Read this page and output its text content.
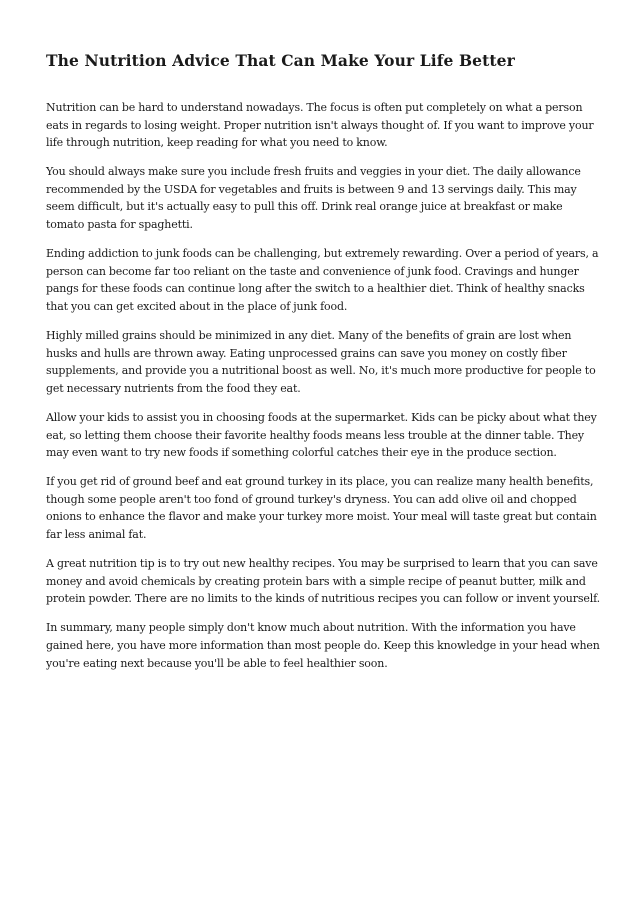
The Nutrition Advice That Can Make Your Life Better

Nutrition can be hard to understand nowadays. The focus is often put completely on what a person eats in regards to losing weight. Proper nutrition isn't always thought of. If you want to improve your life through nutrition, keep reading for what you need to know.

You should always make sure you include fresh fruits and veggies in your diet. The daily allowance recommended by the USDA for vegetables and fruits is between 9 and 13 servings daily. This may seem difficult, but it's actually easy to pull this off. Drink real orange juice at breakfast or make tomato pasta for spaghetti.

Ending addiction to junk foods can be challenging, but extremely rewarding. Over a period of years, a person can become far too reliant on the taste and convenience of junk food. Cravings and hunger pangs for these foods can continue long after the switch to a healthier diet. Think of healthy snacks that you can get excited about in the place of junk food.

Highly milled grains should be minimized in any diet. Many of the benefits of grain are lost when husks and hulls are thrown away. Eating unprocessed grains can save you money on costly fiber supplements, and provide you a nutritional boost as well. No, it's much more productive for people to get necessary nutrients from the food they eat.

Allow your kids to assist you in choosing foods at the supermarket. Kids can be picky about what they eat, so letting them choose their favorite healthy foods means less trouble at the dinner table. They may even want to try new foods if something colorful catches their eye in the produce section.

If you get rid of ground beef and eat ground turkey in its place, you can realize many health benefits, though some people aren't too fond of ground turkey's dryness. You can add olive oil and chopped onions to enhance the flavor and make your turkey more moist. Your meal will taste great but contain far less animal fat.

A great nutrition tip is to try out new healthy recipes. You may be surprised to learn that you can save money and avoid chemicals by creating protein bars with a simple recipe of peanut butter, milk and protein powder. There are no limits to the kinds of nutritious recipes you can follow or invent yourself.

In summary, many people simply don't know much about nutrition. With the information you have gained here, you have more information than most people do. Keep this knowledge in your head when you're eating next because you'll be able to feel healthier soon.
